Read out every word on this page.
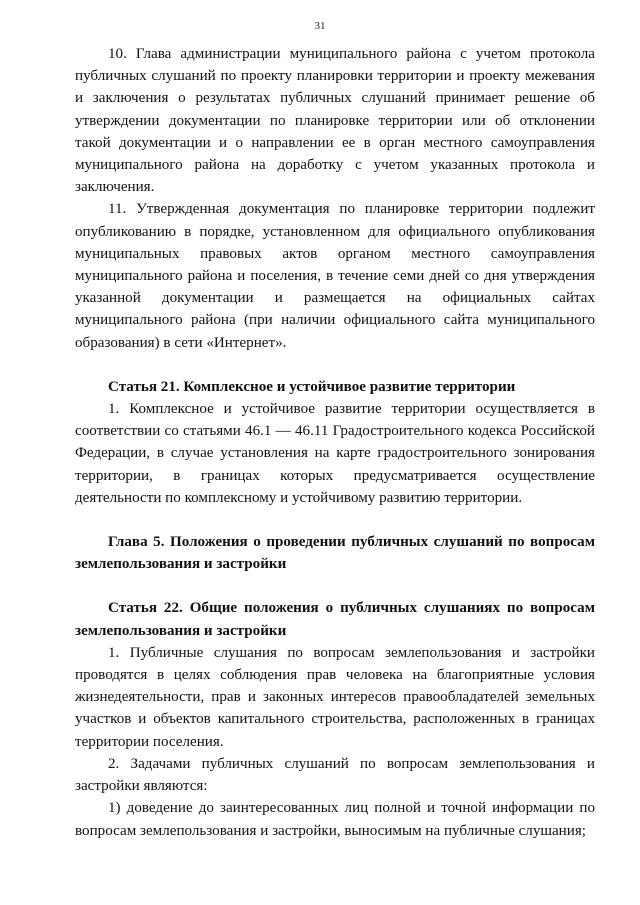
31

10. Глава администрации муниципального района с учетом протокола публичных слушаний по проекту планировки территории и проекту межевания и заключения о результатах публичных слушаний принимает решение об утверждении документации по планировке территории или об отклонении такой документации и о направлении ее в орган местного самоуправления муниципального района на доработку с учетом указанных протокола и заключения.

11. Утвержденная документация по планировке территории подлежит опубликованию в порядке, установленном для официального опубликования муниципальных правовых актов органом местного самоуправления муниципального района и поселения, в течение семи дней со дня утверждения указанной документации и размещается на официальных сайтах муниципального района (при наличии официального сайта муниципального образования) в сети «Интернет».

Статья 21. Комплексное и устойчивое развитие территории

1. Комплексное и устойчивое развитие территории осуществляется в соответствии со статьями 46.1 — 46.11 Градостроительного кодекса Российской Федерации, в случае установления на карте градостроительного зонирования территории, в границах которых предусматривается осуществление деятельности по комплексному и устойчивому развитию территории.

Глава 5. Положения о проведении публичных слушаний по вопросам землепользования и застройки

Статья 22. Общие положения о публичных слушаниях по вопросам землепользования и застройки

1. Публичные слушания по вопросам землепользования и застройки проводятся в целях соблюдения прав человека на благоприятные условия жизнедеятельности, прав и законных интересов правообладателей земельных участков и объектов капитального строительства, расположенных в границах территории поселения.

2. Задачами публичных слушаний по вопросам землепользования и застройки являются:

1) доведение до заинтересованных лиц полной и точной информации по вопросам землепользования и застройки, выносимым на публичные слушания;
